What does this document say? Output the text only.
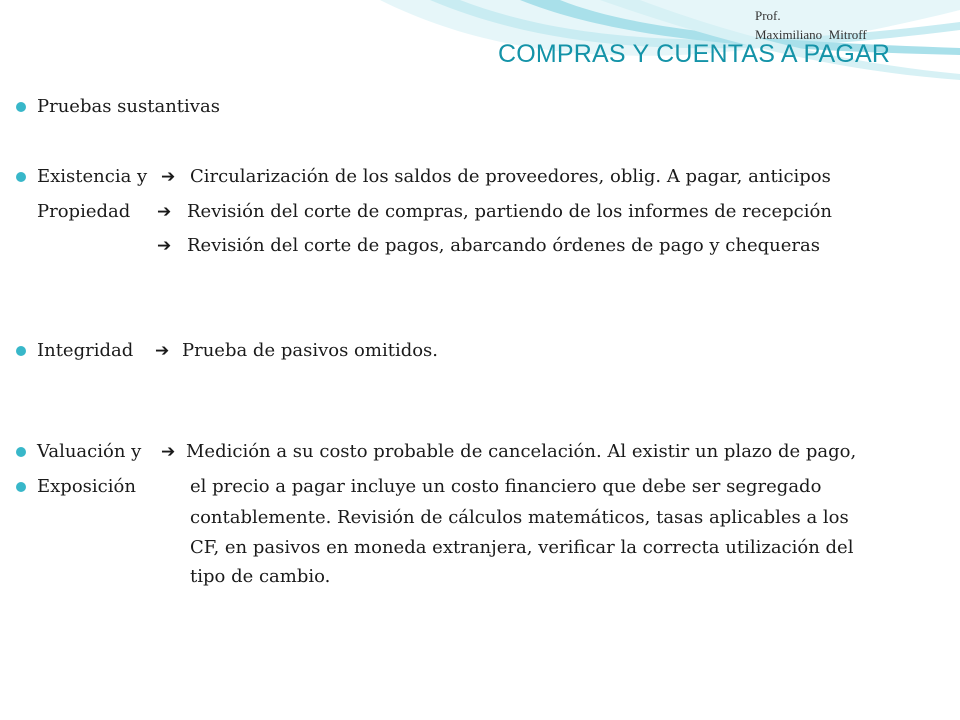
Prof.
Maximiliano  Mitroff
COMPRAS Y CUENTAS A PAGAR
Pruebas sustantivas
Existencia y ➔ Circularización de los saldos de proveedores, oblig. A pagar, anticipos
Propiedad ➔ Revisión del corte de compras, partiendo de los informes de recepción
➔ Revisión del corte de pagos, abarcando órdenes de pago y chequeras
Integridad ➔ Prueba de pasivos omitidos.
Valuación y ➔ Medición a su costo probable de cancelación. Al existir un plazo de pago,
Exposición	el precio a pagar incluye un costo financiero que debe ser segregado
contablemente. Revisión de cálculos matemáticos, tasas aplicables a los
CF, en pasivos en moneda extranjera, verificar la correcta utilización del
tipo de cambio.
